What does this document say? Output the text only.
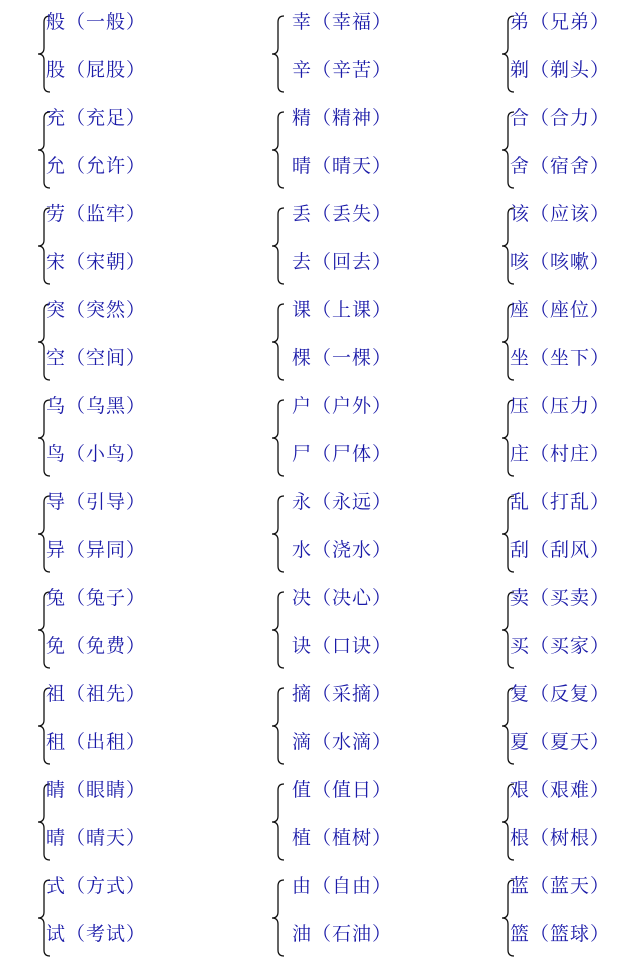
般（一般）
股（屁股）
幸（幸福）
辛（辛苦）
弟（兄弟）
剃（剃头）
充（充足）
允（允许）
精（精神）
晴（晴天）
合（合力）
舍（宿舍）
劳（监牢）
宋（宋朝）
丢（丢失）
去（回去）
该（应该）
咳（咳嗽）
突（突然）
空（空间）
课（上课）
棵（一棵）
座（座位）
坐（坐下）
乌（乌黑）
鸟（小鸟）
户（户外）
尸（尸体）
压（压力）
庄（村庄）
导（引导）
异（异同）
永（永远）
水（浇水）
乱（打乱）
刮（刮风）
兔（兔子）
免（免费）
决（决心）
诀（口诀）
卖（买卖）
买（买家）
祖（祖先）
租（出租）
摘（采摘）
滴（水滴）
复（反复）
夏（夏天）
睛（眼睛）
晴（晴天）
值（值日）
植（植树）
艰（艰难）
根（树根）
式（方式）
试（考试）
由（自由）
油（石油）
蓝（蓝天）
篮（篮球）
